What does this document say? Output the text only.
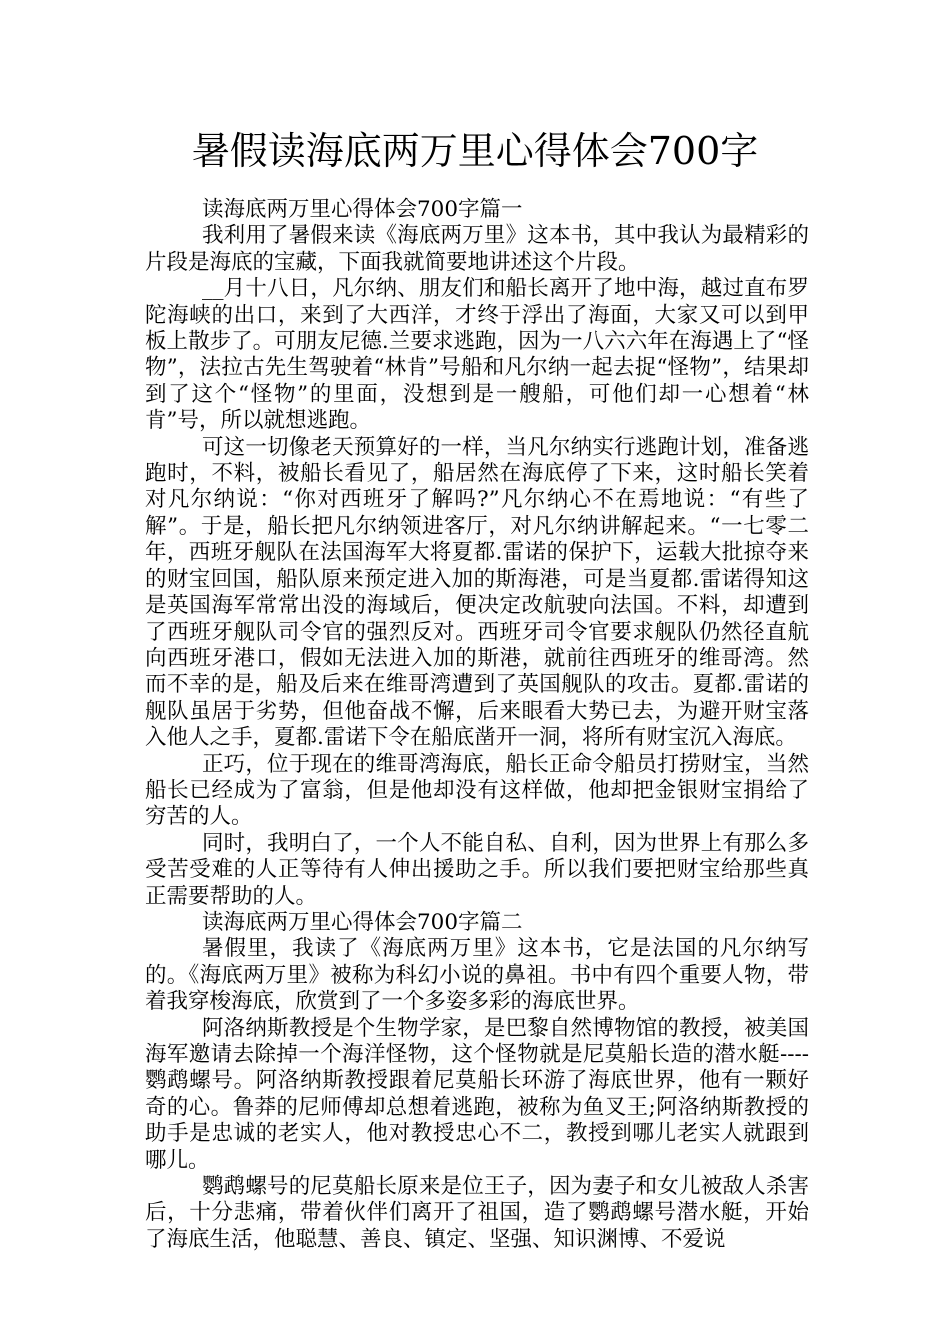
暑假读海底两万里心得体会700字

读海底两万里心得体会700字篇一

我利用了暑假来读《海底两万里》这本书，其中我认为最精彩的片段是海底的宝藏，下面我就简要地讲述这个片段。

__月十八日，凡尔纳、朋友们和船长离开了地中海，越过直布罗陀海峡的出口，来到了大西洋，才终于浮出了海面，大家又可以到甲板上散步了。可朋友尼德.兰要求逃跑，因为一八六六年在海遇上了“怪物”，法拉古先生驾驶着“林肯”号船和凡尔纳一起去捉“怪物”，结果却到了这个“怪物”的里面，没想到是一艘船，可他们却一心想着“林肯”号，所以就想逃跑。

可这一切像老天预算好的一样，当凡尔纳实行逃跑计划，准备逃跑时，不料，被船长看见了，船居然在海底停了下来，这时船长笑着对凡尔纳说：“你对西班牙了解吗?”凡尔纳心不在焉地说：“有些了解”。于是，船长把凡尔纳领进客厅，对凡尔纳讲解起来。“一七零二年，西班牙舰队在法国海军大将夏都.雷诺的保护下，运载大批掠夺来的财宝回国，船队原来预定进入加的斯海港，可是当夏都.雷诺得知这是英国海军常常出没的海域后，便决定改航驶向法国。不料，却遭到了西班牙舰队司令官的强烈反对。西班牙司令官要求舰队仍然径直航向西班牙港口，假如无法进入加的斯港，就前往西班牙的维哥湾。然而不幸的是，船及后来在维哥湾遭到了英国舰队的攻击。夏都.雷诺的舰队虽居于劣势，但他奋战不懈，后来眼看大势已去，为避开财宝落入他人之手，夏都.雷诺下令在船底凿开一洞，将所有财宝沉入海底。

正巧，位于现在的维哥湾海底，船长正命令船员打捞财宝，当然船长已经成为了富翁，但是他却没有这样做，他却把金银财宝捐给了穷苦的人。

同时，我明白了，一个人不能自私、自利，因为世界上有那么多受苦受难的人正等待有人伸出援助之手。所以我们要把财宝给那些真正需要帮助的人。

读海底两万里心得体会700字篇二

暑假里，我读了《海底两万里》这本书，它是法国的凡尔纳写的。《海底两万里》被称为科幻小说的鼻祖。书中有四个重要人物，带着我穿梭海底，欣赏到了一个多姿多彩的海底世界。

阿洛纳斯教授是个生物学家，是巴黎自然博物馆的教授，被美国海军邀请去除掉一个海洋怪物，这个怪物就是尼莫船长造的潜水艇----鹦鹉螺号。阿洛纳斯教授跟着尼莫船长环游了海底世界，他有一颗好奇的心。鲁莽的尼师傅却总想着逃跑，被称为鱼叉王;阿洛纳斯教授的助手是忠诚的老实人，他对教授忠心不二，教授到哪儿老实人就跟到哪儿。

鹦鹉螺号的尼莫船长原来是位王子，因为妻子和女儿被敌人杀害后，十分悲痛，带着伙伴们离开了祖国，造了鹦鹉螺号潜水艇，开始了海底生活，他聪慧、善良、镇定、坚强、知识渊博、不爱说
